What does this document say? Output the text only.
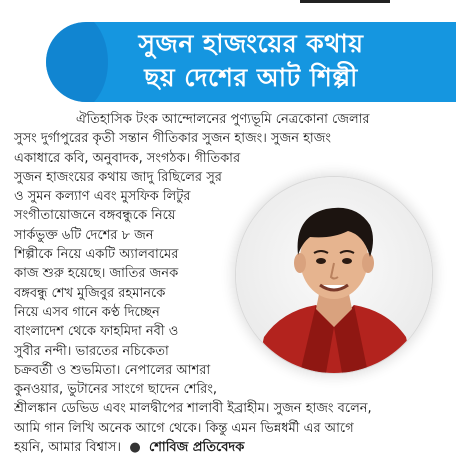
সুজন হাজংয়ের কথায়
ছয় দেশের আট শিল্পী
ঐতিহাসিক টংক আন্দোলনের পুণ্যভূমি নেত্রকোনা জেলার
সুসং দুর্গাপুরের কৃতী সন্তান গীতিকার সুজন হাজং। সুজন হাজং
একাধারে কবি, অনুবাদক, সংগঠক। গীতিকার
সুজন হাজংয়ের কথায় জাদু রিছিলের সুর
ও সুমন কল্যাণ এবং মুসফিক লিটুর
সংগীতায়োজনে বঙ্গবন্ধুকে নিয়ে
সার্কভুক্ত ৬টি দেশের ৮ জন
শিল্পীকে নিয়ে একটি অ্যালবামের
কাজ শুরু হয়েছে। জাতির জনক
বঙ্গবন্ধু শেখ মুজিবুর রহমানকে
নিয়ে এসব গানে কণ্ঠ দিচ্ছেন
বাংলাদেশ থেকে ফাহমিদা নবী ও
সুবীর নন্দী। ভারতের নচিকেতা
চক্রবর্তী ও শুভমিতা। নেপালের আশরা
কুনওয়ার, ভুটানের সাংগে ছাদেন শেরিং,
শ্রীলঙ্কান ডেভিড এবং মালদ্বীপের শালাবী ইব্রাহীম। সুজন হাজং বলেন,
আমি গান লিখি অনেক আগে থেকে। কিন্তু এমন ভিন্নধর্মী এর আগে
হয়নি, আমার বিশ্বাস।  ●  শোবিজ প্রতিবেদক
